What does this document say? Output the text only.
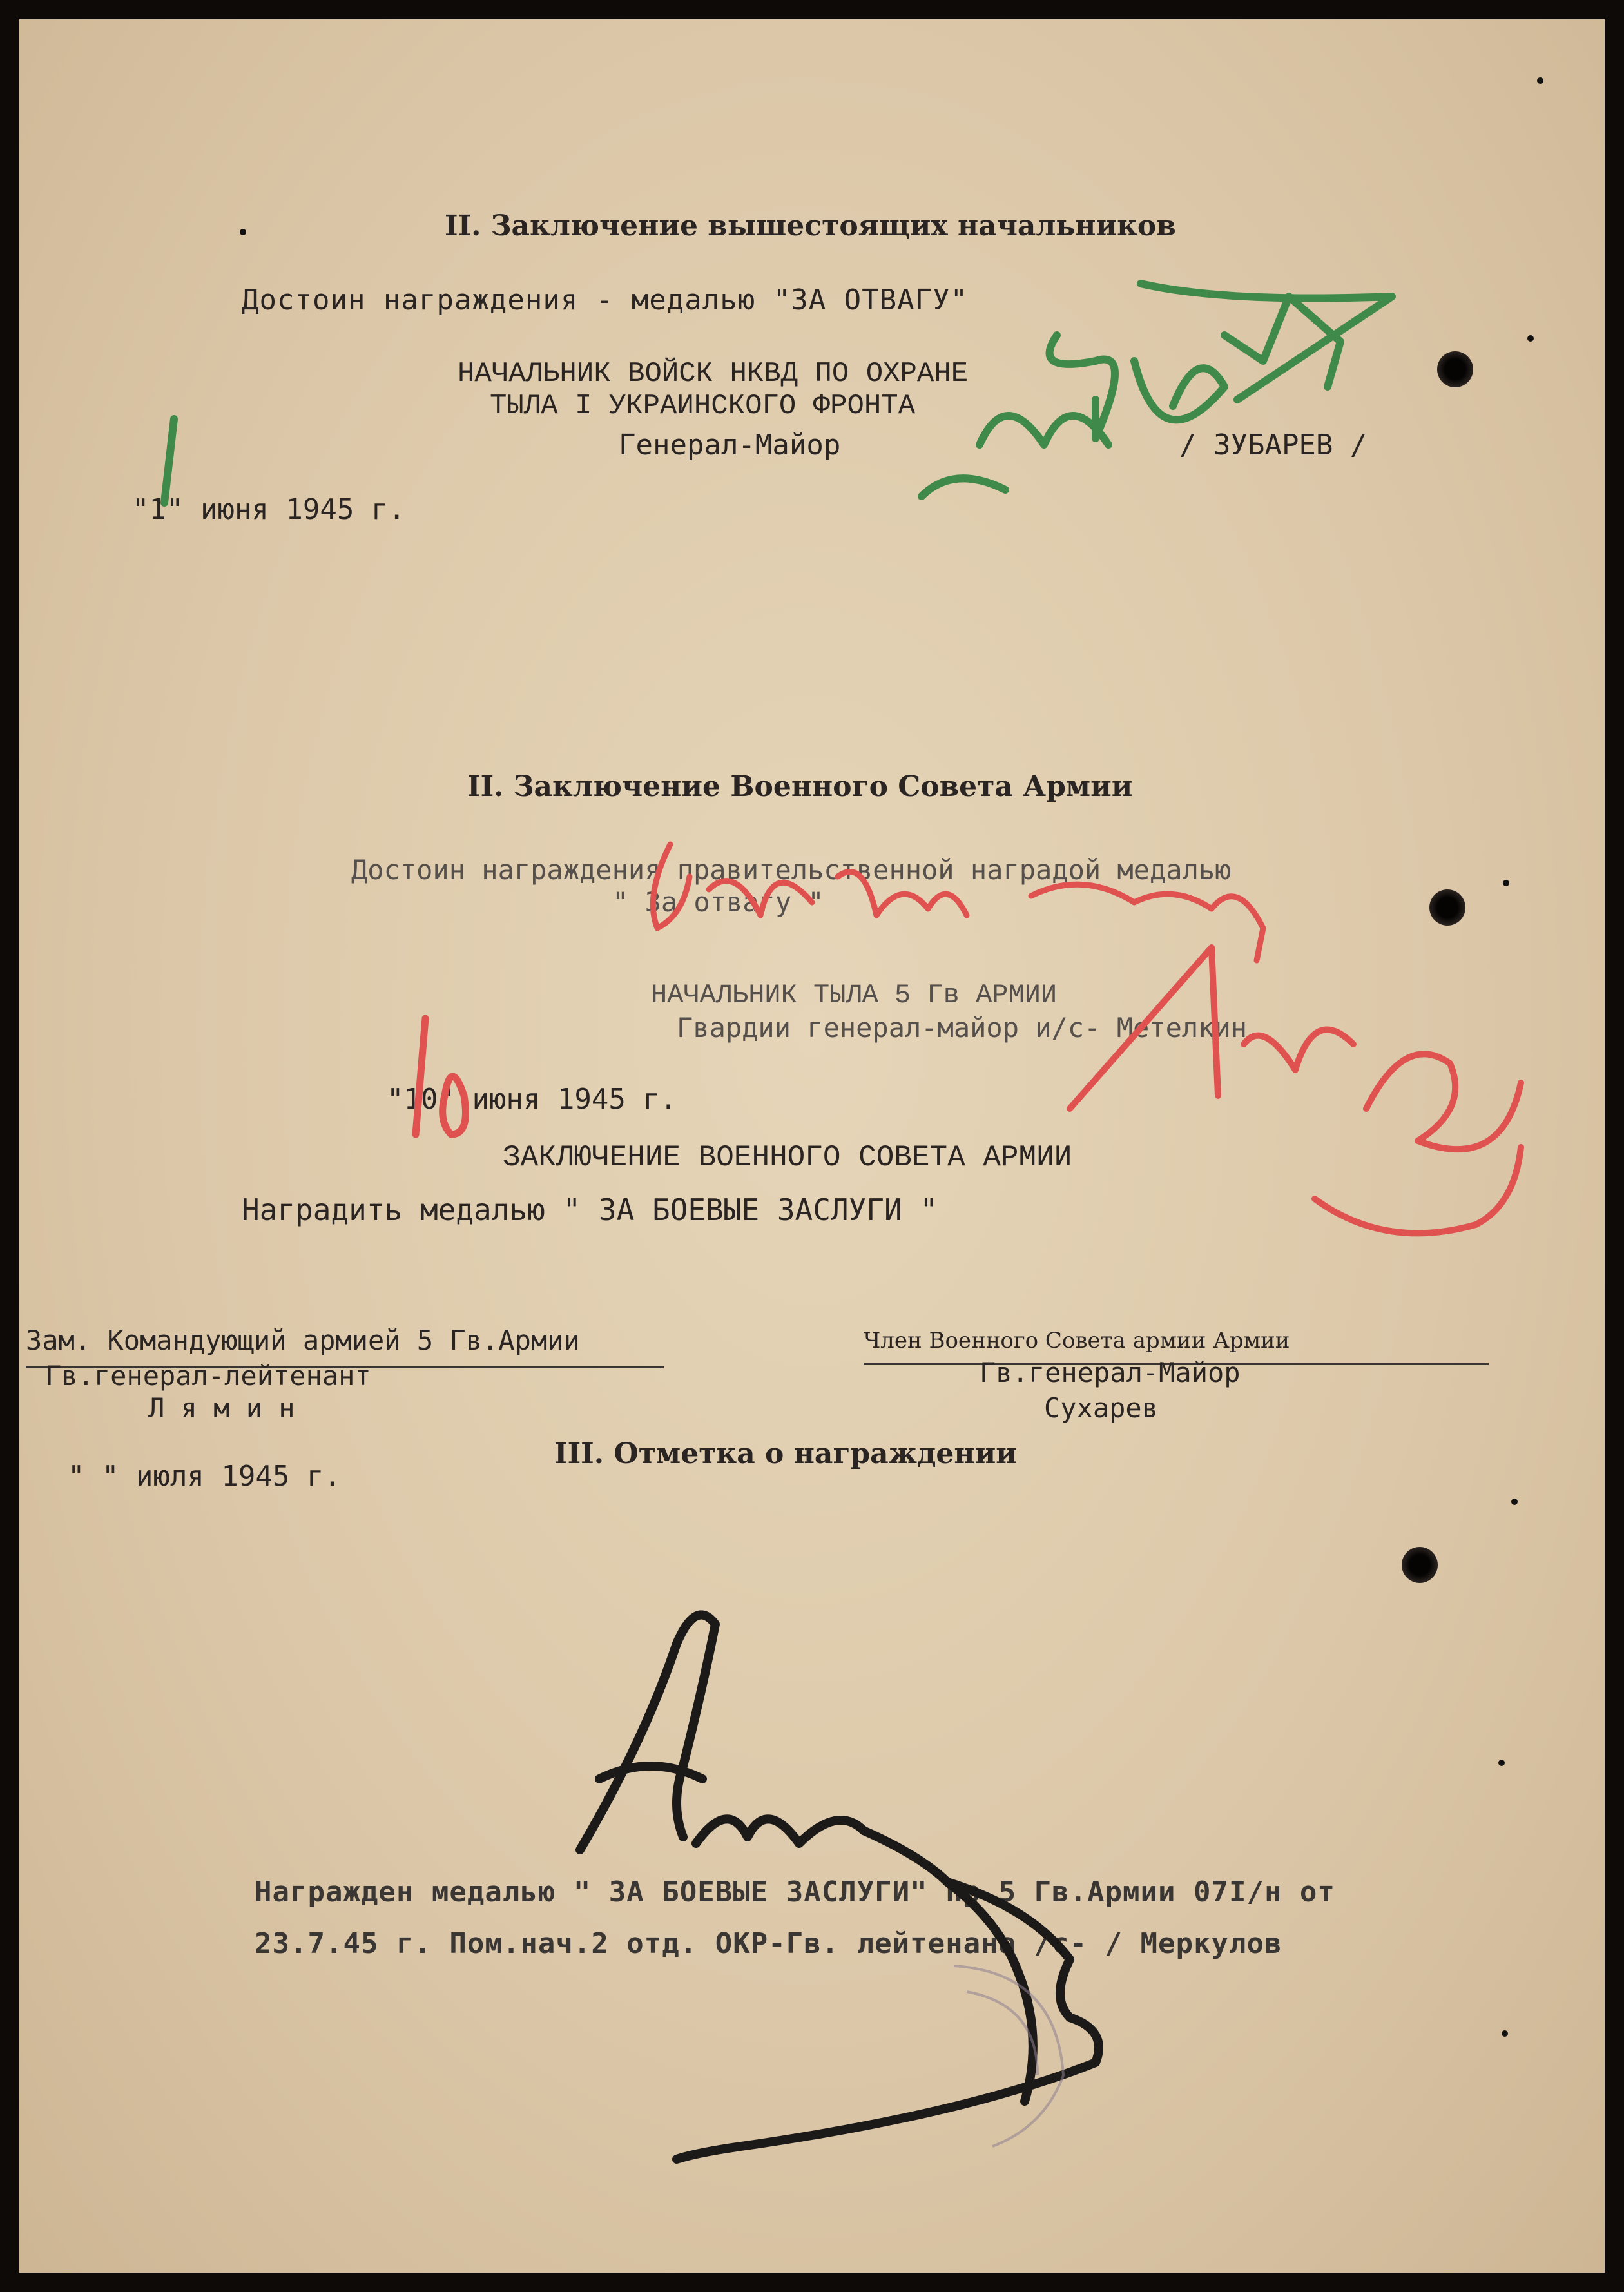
II. Заключение вышестоящих начальников
Достоин награждения - медалью "ЗА ОТВАГУ"
НАЧАЛЬНИК ВОЙСК НКВД ПО ОХРАНЕ
ТЫЛА I УКРАИНСКОГО ФРОНТА
Генерал-Майор	/ ЗУБАРЕВ /
"1" июня 1945 г.
II. Заключение Военного Совета Армии
Достоин награждения правительственной наградой медалью
" За отвагу "
НАЧАЛЬНИК ТЫЛА 5 Гв АРМИИ
Гвардии генерал-майор и/с- Метелкин
"10" июня 1945 г.
ЗАКЛЮЧЕНИЕ ВОЕННОГО СОВЕТА АРМИИ
Наградить медалью " ЗА БОЕВЫЕ ЗАСЛУГИ "
Зам. Командующий армией 5 Гв.Армии
Гв.генерал-лейтенант
Л я м и н
Член Военного Совета армии Армии
Гв.генерал-Майор
Сухарев
" " июля 1945 г.
III. Отметка о награждении
Награжден медалью " ЗА БОЕВЫЕ ЗАСЛУГИ" пр.5 Гв.Армии 07I/н от
23.7.45 г. Пом.нач.2 отд. ОКР-Гв. лейтенана /с- / Меркулов
